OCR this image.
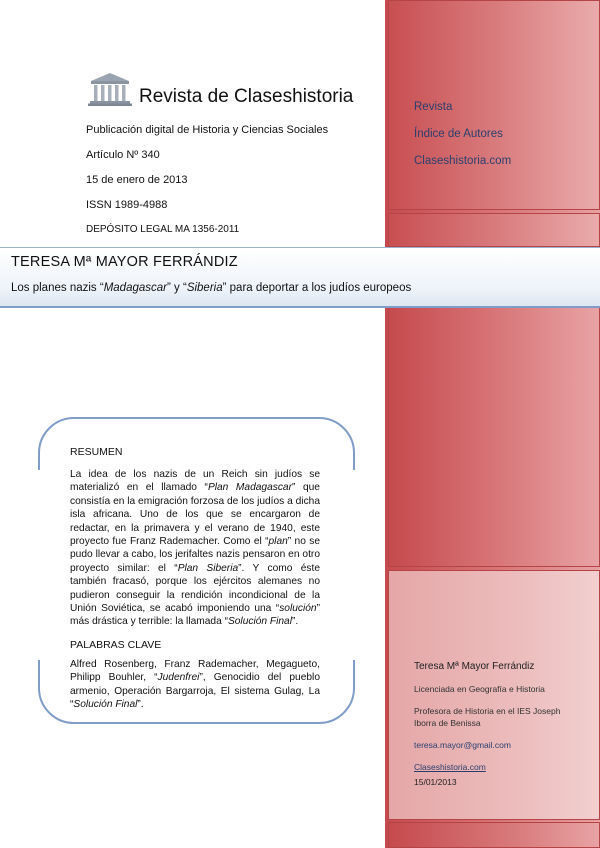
Revista
Índice de Autores
Claseshistoria.com
Revista de Claseshistoria
Publicación digital de Historia y Ciencias Sociales
Artículo Nº 340
15 de enero de 2013
ISSN 1989-4988
DEPÓSITO LEGAL MA 1356-2011
TERESA Mª MAYOR FERRÁNDIZ
Los planes nazis “Madagascar” y “Siberia” para deportar a los judíos europeos
RESUMEN
La idea de los nazis de un Reich sin judíos se materializó en el llamado “Plan Madagascar” que consistía en la emigración forzosa de los judíos a dicha isla africana. Uno de los que se encargaron de redactar, en la primavera y el verano de 1940, este proyecto fue Franz Rademacher. Como el “plan” no se pudo llevar a cabo, los jerifaltes nazis pensaron en otro proyecto similar: el “Plan Siberia”. Y como éste también fracasó, porque los ejércitos alemanes no pudieron conseguir la rendición incondicional de la Unión Soviética, se acabó imponiendo una “solución” más drástica y terrible: la llamada “Solución Final”.
PALABRAS CLAVE
Alfred Rosenberg, Franz Rademacher, Megagueto, Philipp Bouhler, “Judenfrei”, Genocidio del pueblo armenio, Operación Bargarroja, El sistema Gulag, La “Solución Final”.
Teresa Mª Mayor Ferrándiz
Licenciada en Geografía e Historia
Profesora de Historia en el IES Joseph Iborra de Benissa
teresa.mayor@gmail.com
Claseshistoria.com
15/01/2013
